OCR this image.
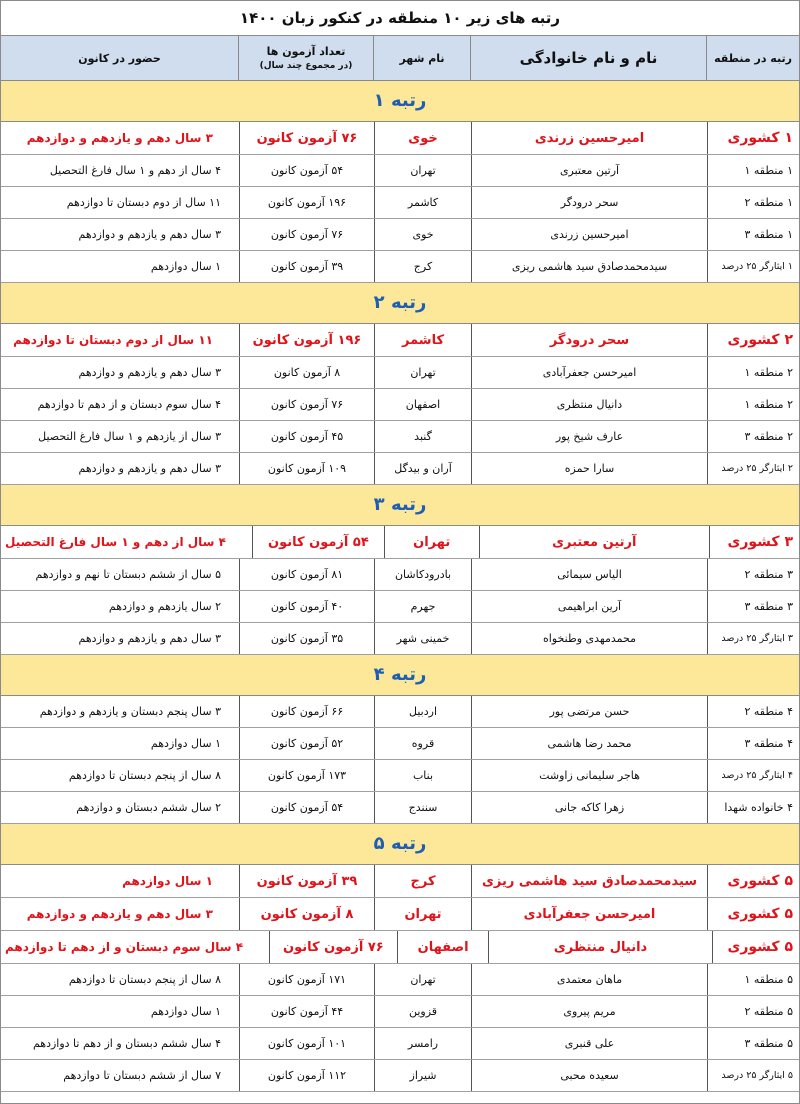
رتبه های زیر ۱۰ منطقه در کنکور زبان ۱۴۰۰
رتبه در منطقه
نام و نام خانوادگی
نام شهر
تعداد آزمون ها
(در مجموع چند سال)
حضور در کانون
رتبه ۱
۱ کشوری
امیرحسین زرندی
خوی
۷۶ آزمون کانون
۳ سال دهم و یازدهم و دوازدهم
۱ منطقه ۱
آرتین معتبری
تهران
۵۴ آزمون کانون
۴ سال از دهم و ۱ سال فارغ التحصیل
۱ منطقه ۲
سحر درودگر
کاشمر
۱۹۶ آزمون کانون
۱۱ سال از دوم دبستان تا دوازدهم
۱ منطقه ۳
امیرحسین زرندی
خوی
۷۶ آزمون کانون
۳ سال دهم و یازدهم و دوازدهم
۱ ایثارگر ۲۵ درصد
سیدمحمدصادق سید هاشمی ریزی
کرج
۳۹ آزمون کانون
۱ سال دوازدهم
رتبه ۲
۲ کشوری
سحر درودگر
کاشمر
۱۹۶ آزمون کانون
۱۱ سال از دوم دبستان تا دوازدهم
۲ منطقه ۱
امیرحسن جعفرآبادی
تهران
۸ آزمون کانون
۳ سال دهم و یازدهم و دوازدهم
۲ منطقه ۱
دانیال منتظری
اصفهان
۷۶ آزمون کانون
۴ سال سوم دبستان و از دهم تا دوازدهم
۲ منطقه ۳
عارف شیخ پور
گنبد
۴۵ آزمون کانون
۳ سال از یازدهم و ۱ سال فارغ التحصیل
۲ ایثارگر ۲۵ درصد
سارا حمزه
آران و بیدگل
۱۰۹ آزمون کانون
۳ سال دهم و یازدهم و دوازدهم
رتبه ۳
۳ کشوری
آرتین معتبری
تهران
۵۴ آزمون کانون
۴ سال از دهم و ۱ سال فارغ التحصیل
۳ منطقه ۲
الیاس سیمائی
بادرودکاشان
۸۱ آزمون کانون
۵ سال از ششم دبستان تا نهم و دوازدهم
۳ منطقه ۳
آرین ابراهیمی
جهرم
۴۰ آزمون کانون
۲ سال یازدهم و دوازدهم
۳ ایثارگر ۲۵ درصد
محمدمهدی وطنخواه
خمینی شهر
۳۵ آزمون کانون
۳ سال دهم و یازدهم و دوازدهم
رتبه ۴
۴ منطقه ۲
حسن مرتضی پور
اردبیل
۶۶ آزمون کانون
۳ سال پنجم دبستان و یازدهم و دوازدهم
۴ منطقه ۳
محمد رضا هاشمی
قروه
۵۲ آزمون کانون
۱ سال دوازدهم
۴ ایثارگر ۲۵ درصد
هاجر سلیمانی زاوشت
بناب
۱۷۳ آزمون کانون
۸ سال از پنجم دبستان تا دوازدهم
۴ خانواده شهدا
زهرا کاکه جانی
سنندج
۵۴ آزمون کانون
۲ سال ششم دبستان و دوازدهم
رتبه ۵
۵ کشوری
سیدمحمدصادق سید هاشمی ریزی
کرج
۳۹ آزمون کانون
۱ سال دوازدهم
۵ کشوری
امیرحسن جعفرآبادی
تهران
۸ آزمون کانون
۳ سال دهم و یازدهم و دوازدهم
۵ کشوری
دانیال منتظری
اصفهان
۷۶ آزمون کانون
۴ سال سوم دبستان و از دهم تا دوازدهم
۵ منطقه ۱
ماهان معتمدی
تهران
۱۷۱ آزمون کانون
۸ سال از پنجم دبستان تا دوازدهم
۵ منطقه ۲
مریم پیروی
قزوین
۴۴ آزمون کانون
۱ سال دوازدهم
۵ منطقه ۳
علی قنبری
رامسر
۱۰۱ آزمون کانون
۴ سال ششم دبستان و از دهم تا دوازدهم
۵ ایثارگر ۲۵ درصد
سعیده محبی
شیراز
۱۱۲ آزمون کانون
۷ سال از ششم دبستان تا دوازدهم
